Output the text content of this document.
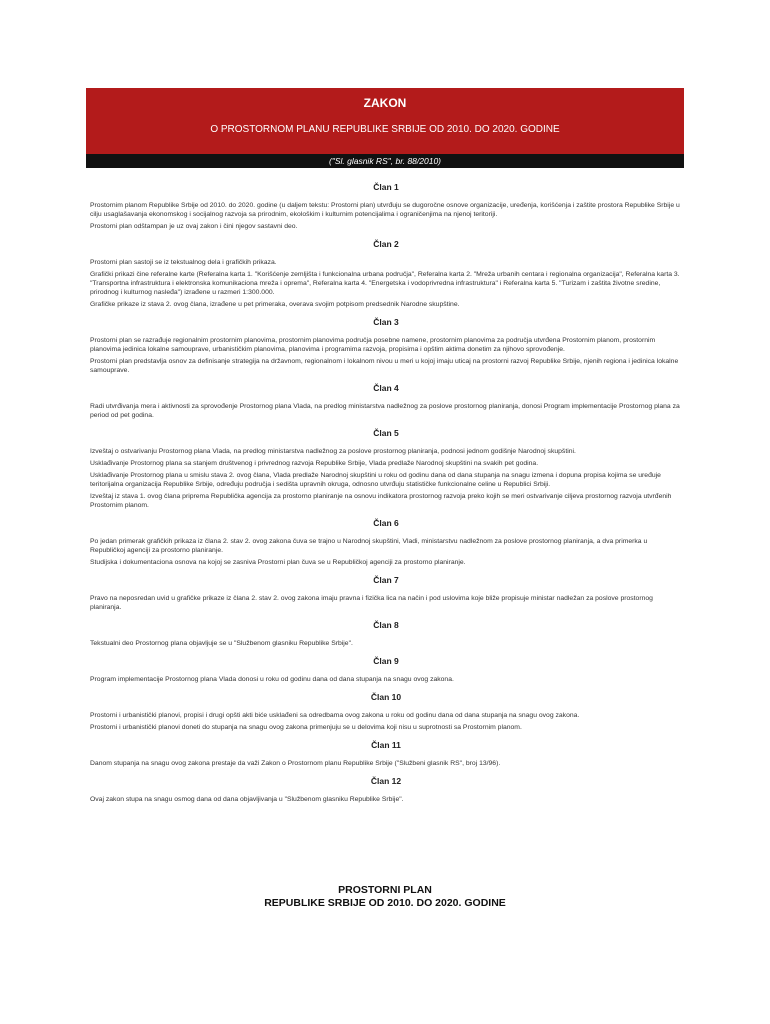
ZAKON
O PROSTORNOM PLANU REPUBLIKE SRBIJE OD 2010. DO 2020. GODINE
("Sl. glasnik RS", br. 88/2010)
Član 1

Prostornim planom Republike Srbije od 2010. do 2020. godine (u daljem tekstu: Prostorni plan) utvrđuju se dugoročne osnove organizacije, uređenja, korišćenja i zaštite prostora Republike Srbije u cilju usaglašavanja ekonomskog i socijalnog razvoja sa prirodnim, ekološkim i kulturnim potencijalima i ograničenjima na njenoj teritoriji.

Prostorni plan odštampan je uz ovaj zakon i čini njegov sastavni deo.

Član 2

Prostorni plan sastoji se iz tekstualnog dela i grafičkih prikaza.

Grafički prikazi čine referalne karte (Referalna karta 1. "Korišćenje zemljišta i funkcionalna urbana područja", Referalna karta 2. "Mreža urbanih centara i regionalna organizacija", Referalna karta 3. "Transportna infrastruktura i elektronska komunikaciona mreža i oprema", Referalna karta 4. "Energetska i vodoprivredna infrastruktura" i Referalna karta 5. "Turizam i zaštita životne sredine, prirodnog i kulturnog nasleđa") izrađene u razmeri 1:300.000.

Grafičke prikaze iz stava 2. ovog člana, izrađene u pet primeraka, overava svojim potpisom predsednik Narodne skupštine.

Član 3

Prostorni plan se razrađuje regionalnim prostornim planovima, prostornim planovima područja posebne namene, prostornim planovima za područja utvrđena Prostornim planom, prostornim planovima jedinica lokalne samouprave, urbanističkim planovima, planovima i programima razvoja, propisima i opštim aktima donetim za njihovo sprovođenje.

Prostorni plan predstavlja osnov za definisanje strategija na državnom, regionalnom i lokalnom nivou u meri u kojoj imaju uticaj na prostorni razvoj Republike Srbije, njenih regiona i jedinica lokalne samouprave.

Član 4

Radi utvrđivanja mera i aktivnosti za sprovođenje Prostornog plana Vlada, na predlog ministarstva nadležnog za poslove prostornog planiranja, donosi Program implementacije Prostornog plana za period od pet godina.

Član 5

Izveštaj o ostvarivanju Prostornog plana Vlada, na predlog ministarstva nadležnog za poslove prostornog planiranja, podnosi jednom godišnje Narodnoj skupštini.

Usklađivanje Prostornog plana sa stanjem društvenog i privrednog razvoja Republike Srbije, Vlada predlaže Narodnoj skupštini na svakih pet godina.

Usklađivanje Prostornog plana u smislu stava 2. ovog člana, Vlada predlaže Narodnoj skupštini u roku od godinu dana od dana stupanja na snagu izmena i dopuna propisa kojima se uređuje teritorijalna organizacija Republike Srbije, određuju područja i sedišta upravnih okruga, odnosno utvrđuju statističke funkcionalne celine u Republici Srbiji.

Izveštaj iz stava 1. ovog člana priprema Republička agencija za prostorno planiranje na osnovu indikatora prostornog razvoja preko kojih se meri ostvarivanje ciljeva prostornog razvoja utvrđenih Prostornim planom.

Član 6

Po jedan primerak grafičkih prikaza iz člana 2. stav 2. ovog zakona čuva se trajno u Narodnoj skupštini, Vladi, ministarstvu nadležnom za poslove prostornog planiranja, a dva primerka u Republičkoj agenciji za prostorno planiranje.

Studijska i dokumentaciona osnova na kojoj se zasniva Prostorni plan čuva se u Republičkoj agenciji za prostorno planiranje.

Član 7

Pravo na neposredan uvid u grafičke prikaze iz člana 2. stav 2. ovog zakona imaju pravna i fizička lica na način i pod uslovima koje bliže propisuje ministar nadležan za poslove prostornog planiranja.

Član 8

Tekstualni deo Prostornog plana objavljuje se u "Službenom glasniku Republike Srbije".

Član 9

Program implementacije Prostornog plana Vlada donosi u roku od godinu dana od dana stupanja na snagu ovog zakona.

Član 10

Prostorni i urbanistički planovi, propisi i drugi opšti akti biće usklađeni sa odredbama ovog zakona u roku od godinu dana od dana stupanja na snagu ovog zakona.

Prostorni i urbanistički planovi doneti do stupanja na snagu ovog zakona primenjuju se u delovima koji nisu u suprotnosti sa Prostornim planom.

Član 11

Danom stupanja na snagu ovog zakona prestaje da važi Zakon o Prostornom planu Republike Srbije ("Službeni glasnik RS", broj 13/96).

Član 12

Ovaj zakon stupa na snagu osmog dana od dana objavljivanja u "Službenom glasniku Republike Srbije".

PROSTORNI PLAN
REPUBLIKE SRBIJE OD 2010. DO 2020. GODINE
